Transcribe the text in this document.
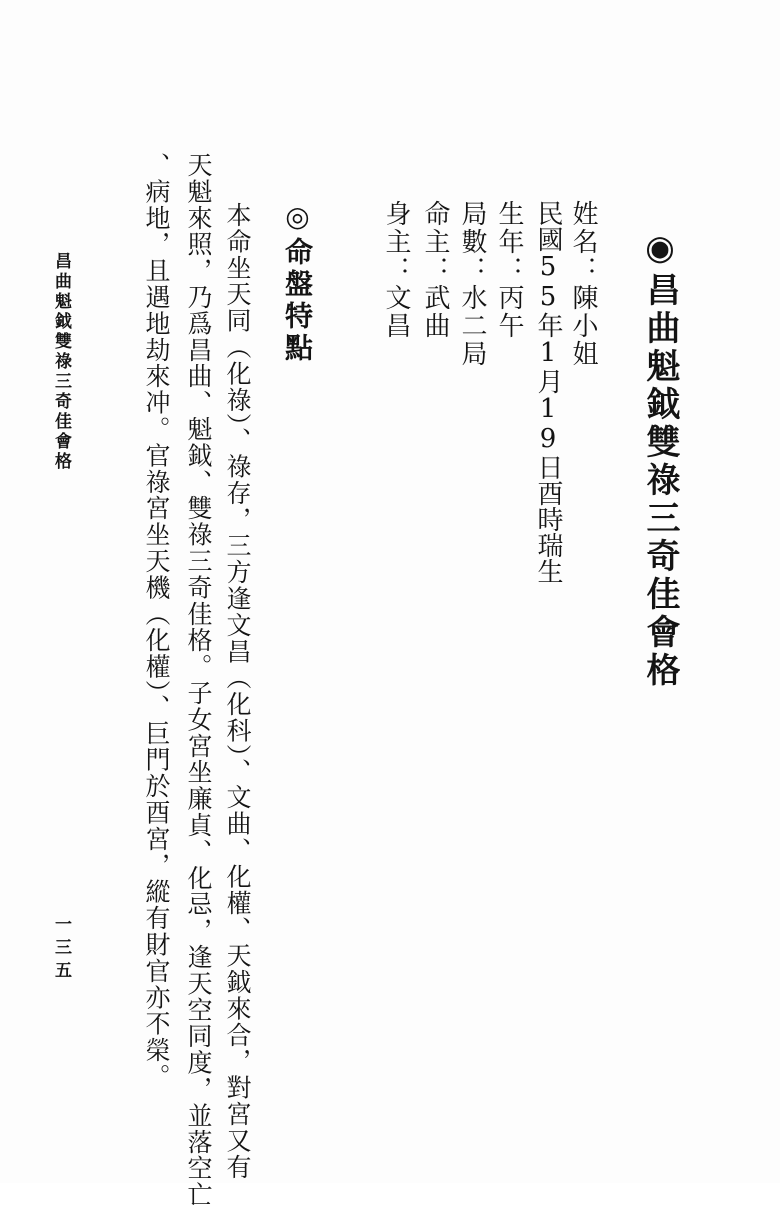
◉昌曲魁鉞雙祿三奇佳會格
姓名：陳小姐
民國55年1月19日酉時瑞生
生年：丙午
局數：水二局
命主：武曲
身主：文昌
◎命盤特點
本命坐天同（化祿）、祿存，三方逢文昌（化科）、文曲、化權、天鉞來合，對宮又有
天魁來照，乃爲昌曲、魁鉞、雙祿三奇佳格。子女宮坐廉貞、化忌，逢天空同度，並落空亡
、病地，且遇地劫來冲。官祿宮坐天機（化權）、巨門於酉宮，縱有財官亦不榮。
昌曲魁鉞雙祿三奇佳會格
一三五
